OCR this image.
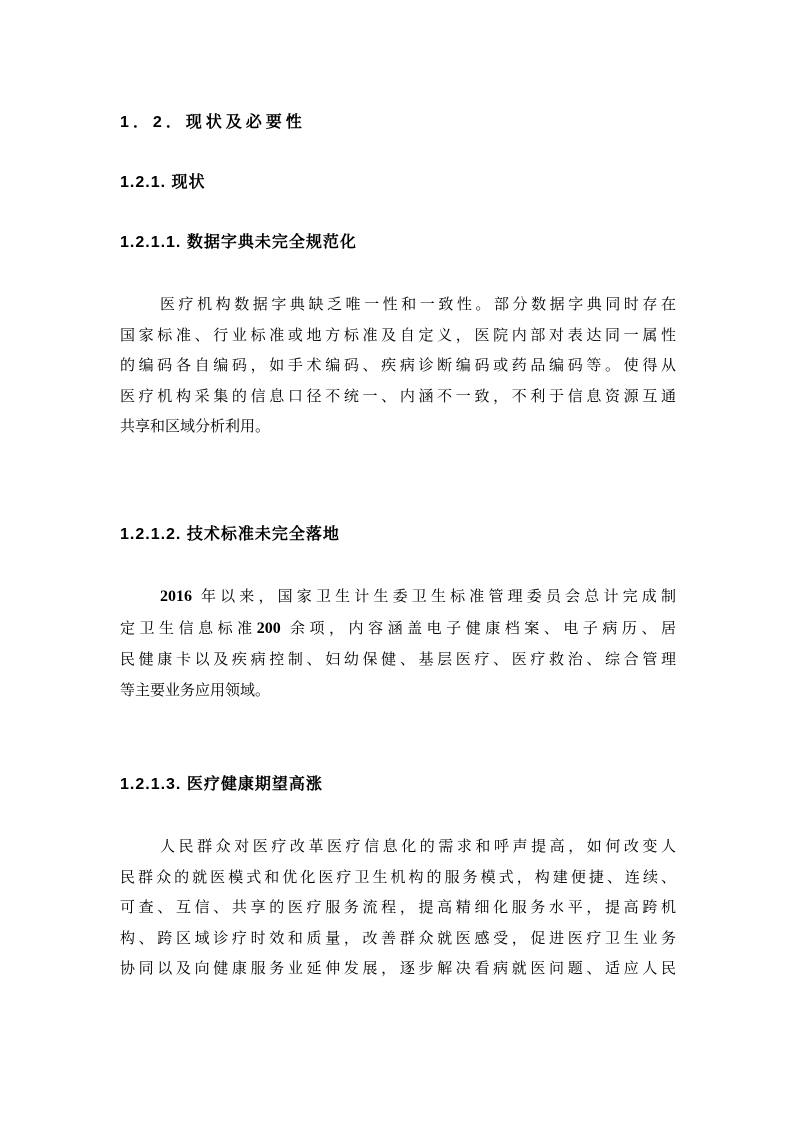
1．2．现状及必要性
1.2.1. 现状
1.2.1.1. 数据字典未完全规范化
医疗机构数据字典缺乏唯一性和一致性。部分数据字典同时存在
国家标准、行业标准或地方标准及自定义，医院内部对表达同一属性
的编码各自编码，如手术编码、疾病诊断编码或药品编码等。使得从
医疗机构采集的信息口径不统一、内涵不一致，不利于信息资源互通
共享和区域分析利用。
1.2.1.2. 技术标准未完全落地
2016 年以来，国家卫生计生委卫生标准管理委员会总计完成制
定卫生信息标准200 余项，内容涵盖电子健康档案、电子病历、居
民健康卡以及疾病控制、妇幼保健、基层医疗、医疗救治、综合管理
等主要业务应用领域。
1.2.1.3. 医疗健康期望高涨
人民群众对医疗改革医疗信息化的需求和呼声提高，如何改变人
民群众的就医模式和优化医疗卫生机构的服务模式，构建便捷、连续、
可查、互信、共享的医疗服务流程，提高精细化服务水平，提高跨机
构、跨区域诊疗时效和质量，改善群众就医感受，促进医疗卫生业务
协同以及向健康服务业延伸发展，逐步解决看病就医问题、适应人民
